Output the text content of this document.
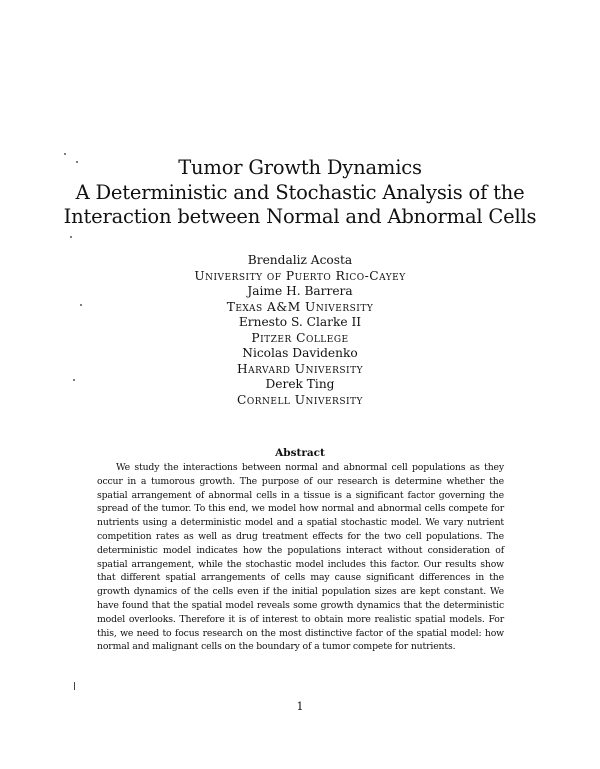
Tumor Growth Dynamics
A Deterministic and Stochastic Analysis of the
Interaction between Normal and Abnormal Cells
Brendaliz Acosta
University of Puerto Rico-Cayey
Jaime H. Barrera
Texas A&M University
Ernesto S. Clarke II
Pitzer College
Nicolas Davidenko
Harvard University
Derek Ting
Cornell University
Abstract
We study the interactions between normal and abnormal cell populations as they occur in a tumorous growth. The purpose of our research is determine whether the spatial arrangement of abnormal cells in a tissue is a significant factor governing the spread of the tumor. To this end, we model how normal and abnormal cells compete for nutrients using a deterministic model and a spatial stochastic model. We vary nutrient competition rates as well as drug treatment effects for the two cell populations. The deterministic model indicates how the populations interact without consideration of spatial arrangement, while the stochastic model includes this factor. Our results show that different spatial arrangements of cells may cause significant differences in the growth dynamics of the cells even if the initial population sizes are kept constant. We have found that the spatial model reveals some growth dynamics that the deterministic model overlooks. Therefore it is of interest to obtain more realistic spatial models. For this, we need to focus research on the most distinctive factor of the spatial model: how normal and malignant cells on the boundary of a tumor compete for nutrients.
1
